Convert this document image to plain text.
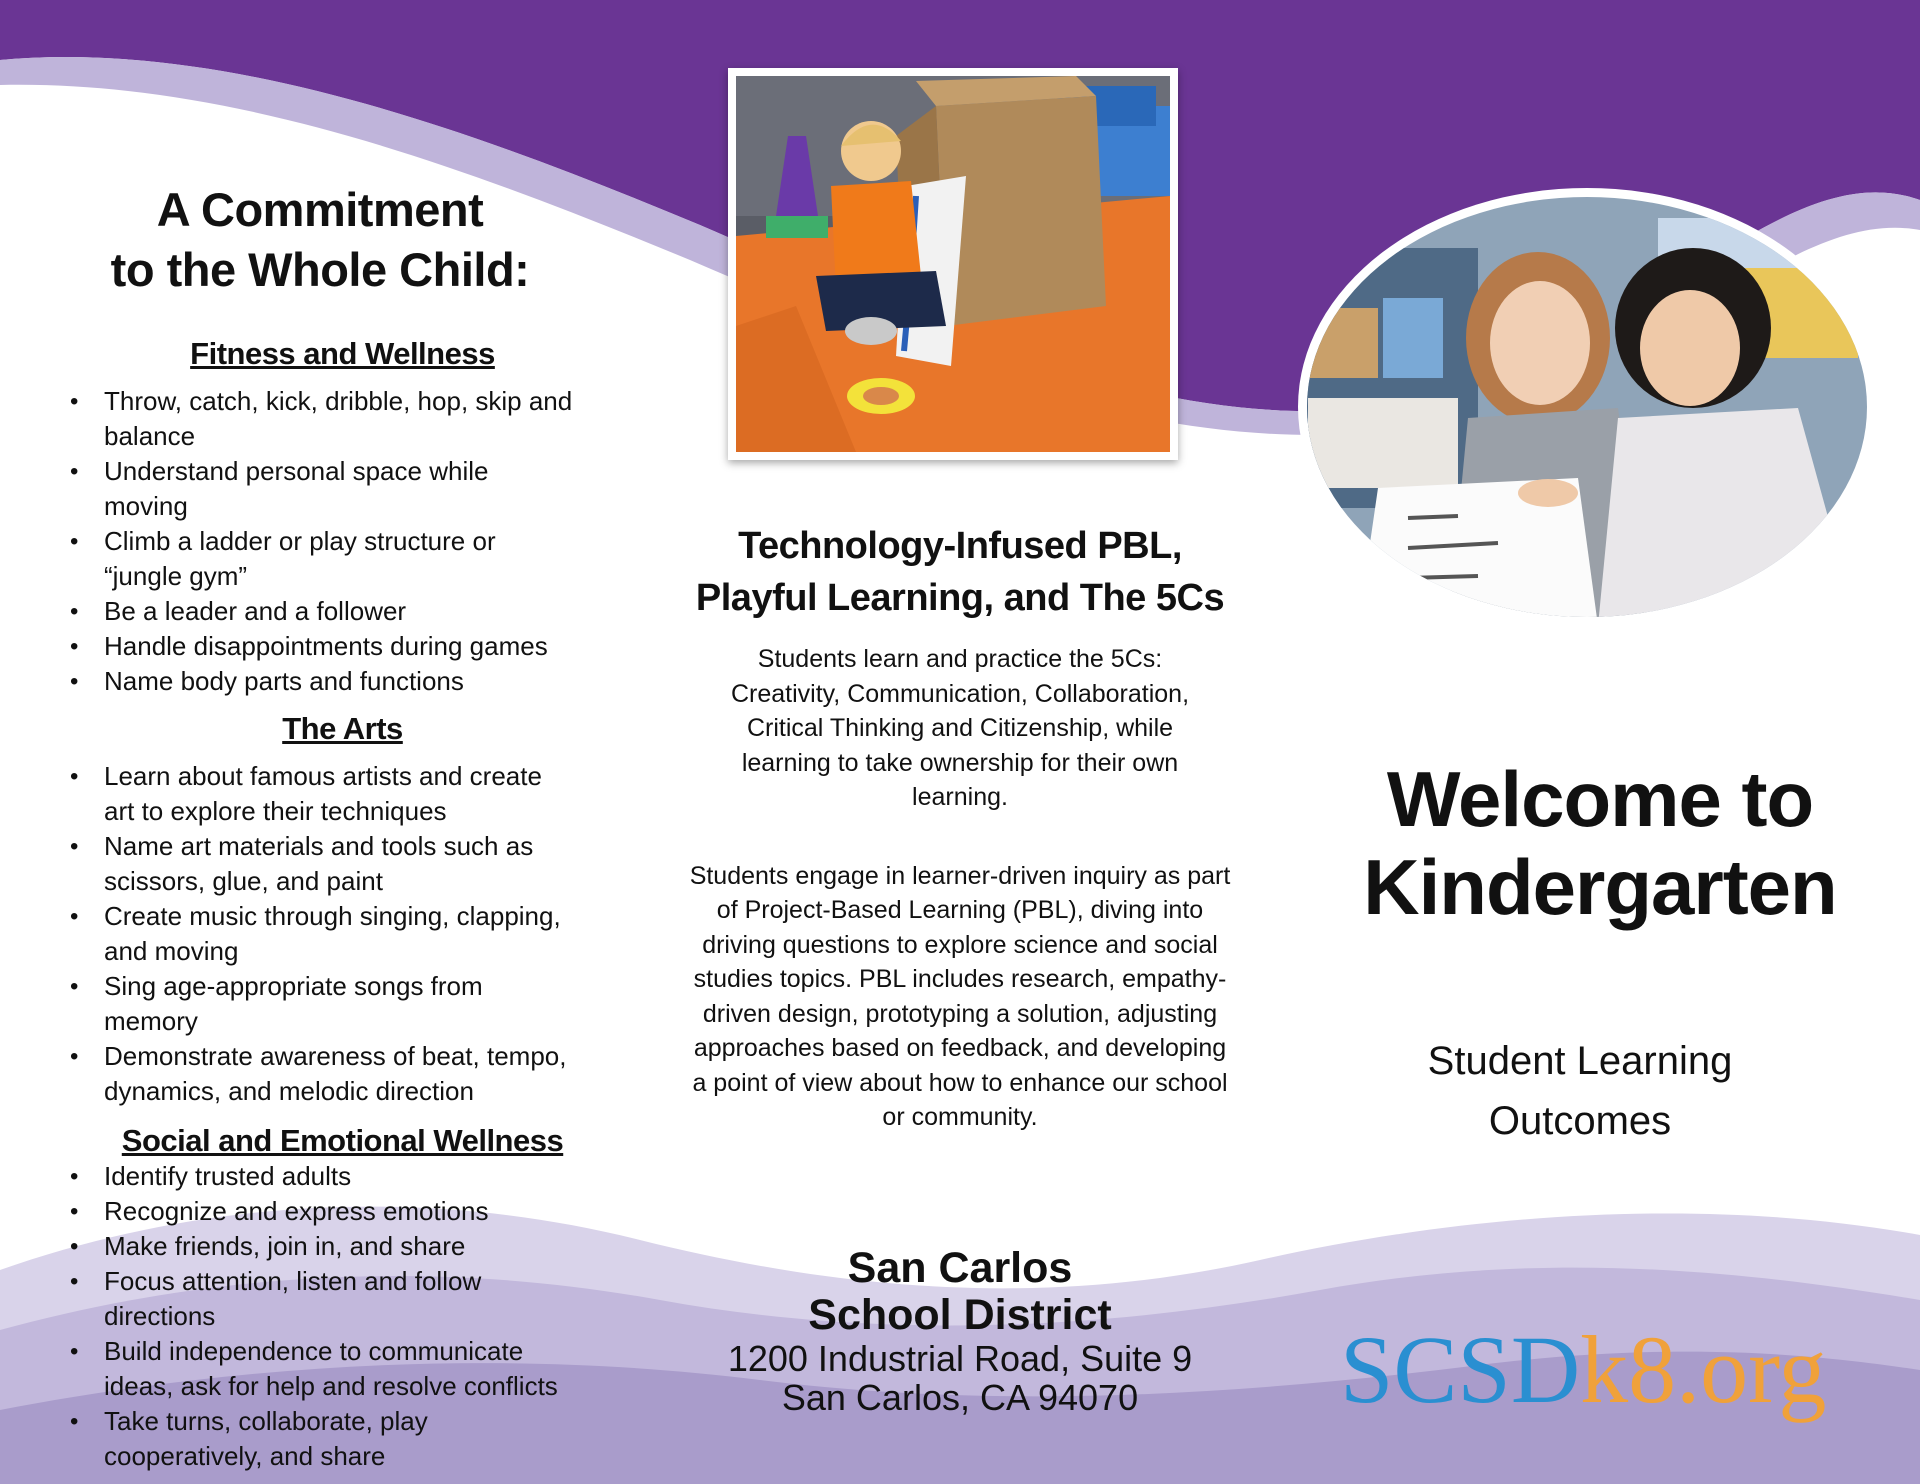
A Commitment
to the Whole Child:
Fitness and Wellness
• Throw, catch, kick, dribble, hop, skip and balance
• Understand personal space while moving
• Climb a ladder or play structure or “jungle gym”
• Be a leader and a follower
• Handle disappointments during games
• Name body parts and functions
The Arts
• Learn about famous artists and create art to explore their techniques
• Name art materials and tools such as scissors, glue, and paint
• Create music through singing, clapping, and moving
• Sing age-appropriate songs from memory
• Demonstrate awareness of beat, tempo, dynamics, and melodic direction
Social and Emotional Wellness
• Identify trusted adults
• Recognize and express emotions
• Make friends, join in, and share
• Focus attention, listen and follow directions
• Build independence to communicate ideas, ask for help and resolve conflicts
• Take turns, collaborate, play cooperatively, and share
Technology-Infused PBL,
Playful Learning, and The 5Cs

Students learn and practice the 5Cs: Creativity, Communication, Collaboration, Critical Thinking and Citizenship, while learning to take ownership for their own learning.

Students engage in learner-driven inquiry as part of Project-Based Learning (PBL), diving into driving questions to explore science and social studies topics. PBL includes research, empathy-driven design, prototyping a solution, adjusting approaches based on feedback, and developing a point of view about how to enhance our school or community.

San Carlos

School District

1200 Industrial Road, Suite 9

San Carlos, CA 94070

Welcome to

Kindergarten

Student Learning

Outcomes

SCSDk8.org
